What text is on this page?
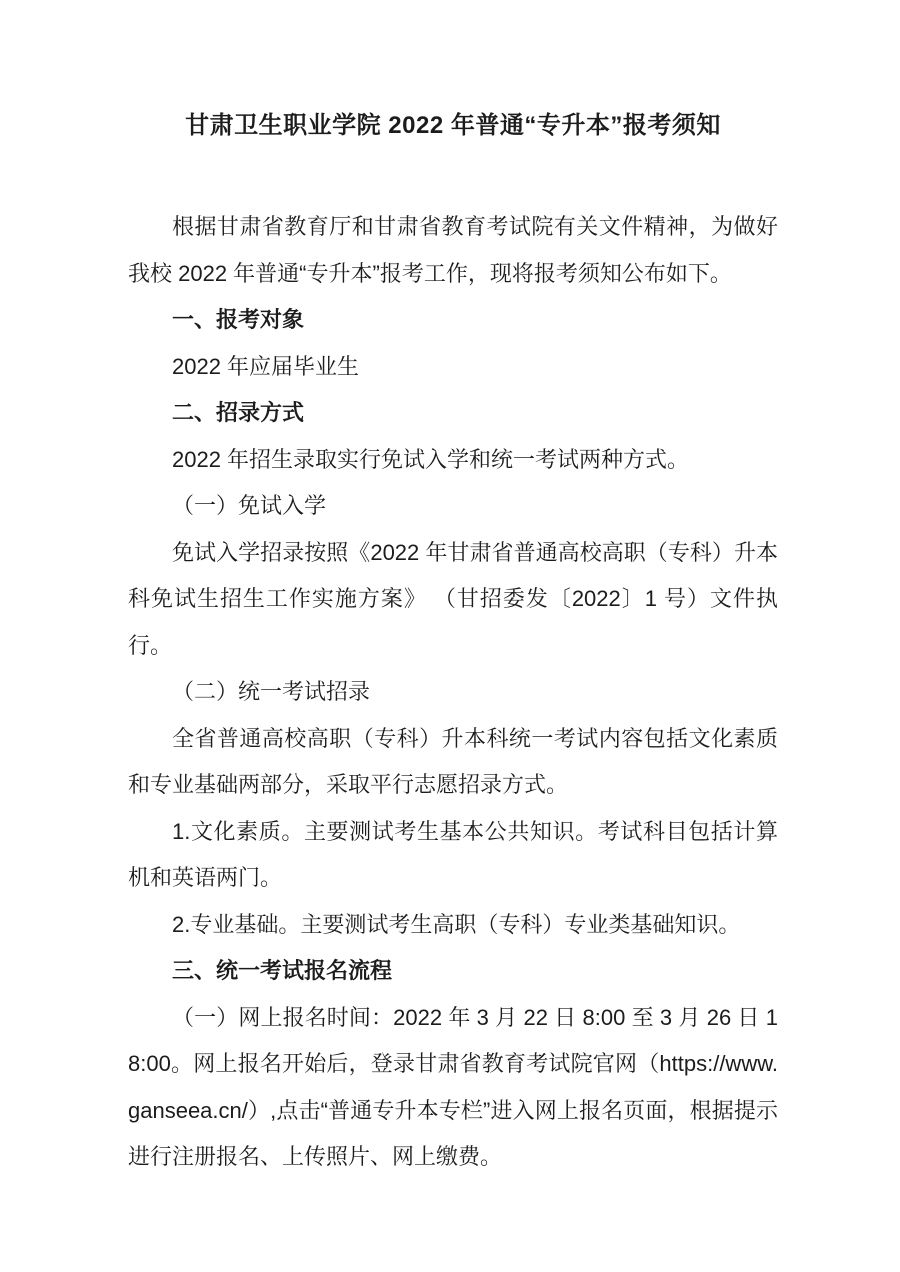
甘肃卫生职业学院 2022 年普通“专升本”报考须知

根据甘肃省教育厅和甘肃省教育考试院有关文件精神，为做好我校 2022 年普通“专升本”报考工作，现将报考须知公布如下。

一、报考对象

2022 年应届毕业生

二、招录方式

2022 年招生录取实行免试入学和统一考试两种方式。

（一）免试入学

免试入学招录按照《2022 年甘肃省普通高校高职（专科）升本科免试生招生工作实施方案》 （甘招委发〔2022〕1 号）文件执行。

（二）统一考试招录

全省普通高校高职（专科）升本科统一考试内容包括文化素质和专业基础两部分，采取平行志愿招录方式。

1.文化素质。主要测试考生基本公共知识。考试科目包括计算机和英语两门。

2.专业基础。主要测试考生高职（专科）专业类基础知识。

三、统一考试报名流程

（一）网上报名时间：2022 年 3 月 22 日 8:00 至 3 月 26 日 18:00。网上报名开始后，登录甘肃省教育考试院官网（https://www.ganseea.cn/）,点击“普通专升本专栏”进入网上报名页面，根据提示进行注册报名、上传照片、网上缴费。
